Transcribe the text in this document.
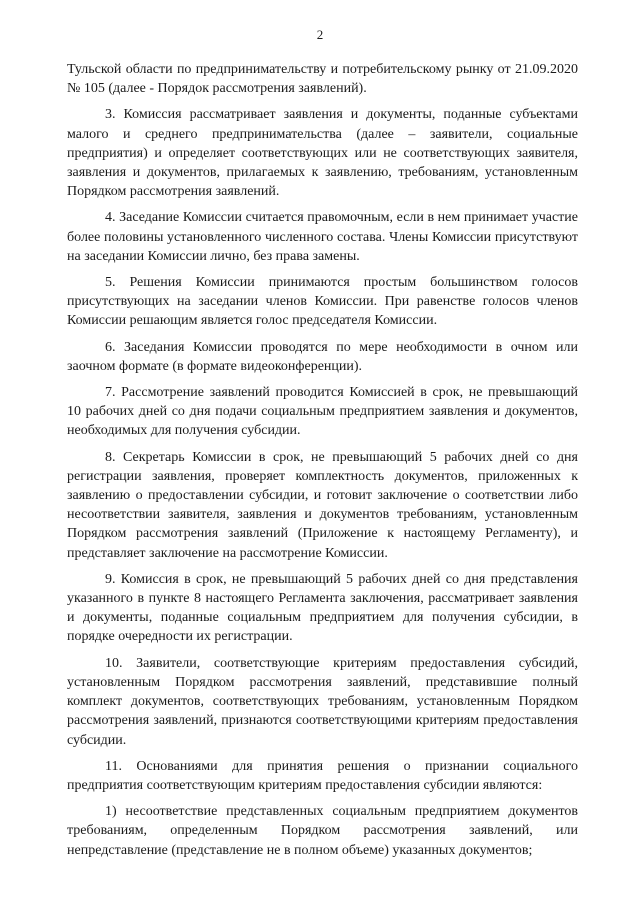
2

Тульской области по предпринимательству и потребительскому рынку от 21.09.2020 № 105 (далее - Порядок рассмотрения заявлений).

3. Комиссия рассматривает заявления и документы, поданные субъектами малого и среднего предпринимательства (далее – заявители, социальные предприятия) и определяет соответствующих или не соответствующих заявителя, заявления и документов, прилагаемых к заявлению, требованиям, установленным Порядком рассмотрения заявлений.

4. Заседание Комиссии считается правомочным, если в нем принимает участие более половины установленного численного состава. Члены Комиссии присутствуют на заседании Комиссии лично, без права замены.

5. Решения Комиссии принимаются простым большинством голосов присутствующих на заседании членов Комиссии. При равенстве голосов членов Комиссии решающим является голос председателя Комиссии.

6. Заседания Комиссии проводятся по мере необходимости в очном или заочном формате (в формате видеоконференции).

7. Рассмотрение заявлений проводится Комиссией в срок, не превышающий 10 рабочих дней со дня подачи социальным предприятием заявления и документов, необходимых для получения субсидии.

8. Секретарь Комиссии в срок, не превышающий 5 рабочих дней со дня регистрации заявления, проверяет комплектность документов, приложенных к заявлению о предоставлении субсидии, и готовит заключение о соответствии либо несоответствии заявителя, заявления и документов требованиям, установленным Порядком рассмотрения заявлений (Приложение к настоящему Регламенту), и представляет заключение на рассмотрение Комиссии.

9. Комиссия в срок, не превышающий 5 рабочих дней со дня представления указанного в пункте 8 настоящего Регламента заключения, рассматривает заявления и документы, поданные социальным предприятием для получения субсидии, в порядке очередности их регистрации.

10. Заявители, соответствующие критериям предоставления субсидий, установленным Порядком рассмотрения заявлений, представившие полный комплект документов, соответствующих требованиям, установленным Порядком рассмотрения заявлений, признаются соответствующими критериям предоставления субсидии.

11. Основаниями для принятия решения о признании социального предприятия соответствующим критериям предоставления субсидии являются:

1) несоответствие представленных социальным предприятием документов требованиям, определенным Порядком рассмотрения заявлений, или непредставление (представление не в полном объеме) указанных документов;
